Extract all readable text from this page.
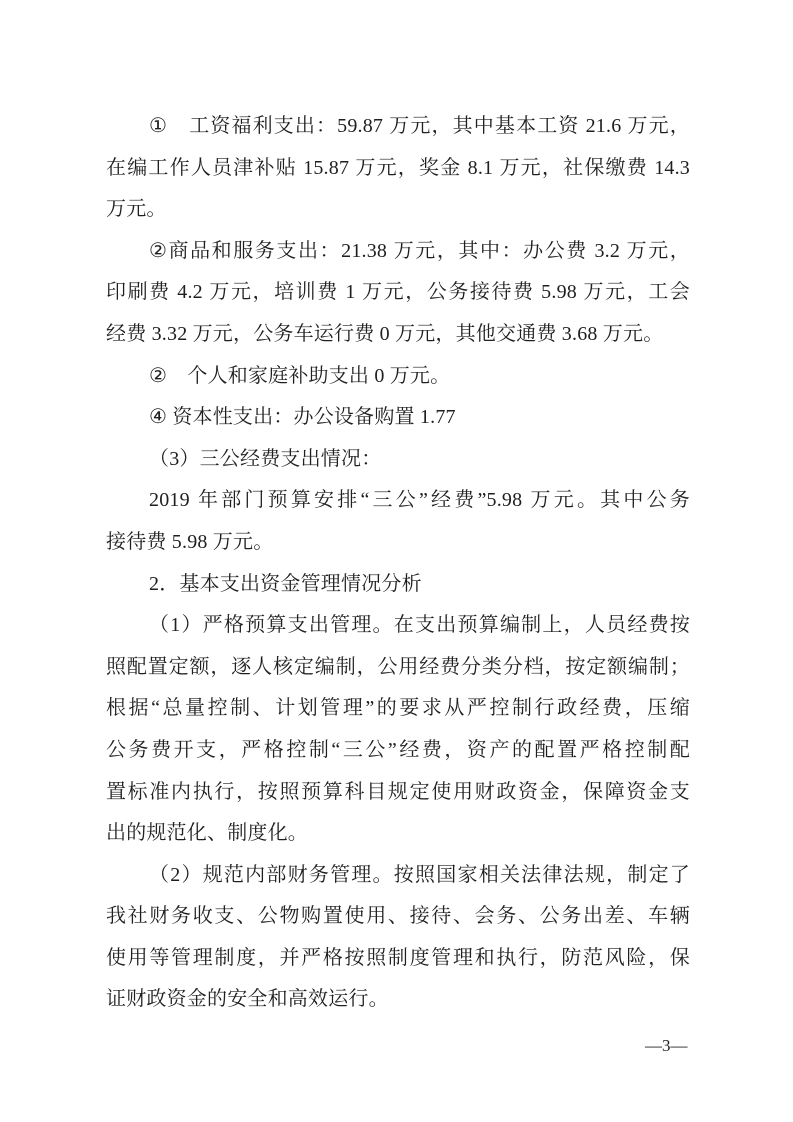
①　工资福利支出：59.87 万元，其中基本工资 21.6 万元，
在编工作人员津补贴 15.87 万元，奖金 8.1 万元，社保缴费 14.3
万元。
②商品和服务支出：21.38 万元，其中：办公费 3.2 万元，
印刷费 4.2 万元，培训费 1 万元，公务接待费 5.98 万元，工会
经费 3.32 万元，公务车运行费 0 万元，其他交通费 3.68 万元。
②　个人和家庭补助支出 0 万元。
④ 资本性支出：办公设备购置 1.77
（3）三公经费支出情况：
2019 年部门预算安排“三公”经费”5.98 万元。其中公务
接待费 5.98 万元。
2．基本支出资金管理情况分析
（1）严格预算支出管理。在支出预算编制上，人员经费按
照配置定额，逐人核定编制，公用经费分类分档，按定额编制；
根据“总量控制、计划管理”的要求从严控制行政经费，压缩
公务费开支，严格控制“三公”经费，资产的配置严格控制配
置标准内执行，按照预算科目规定使用财政资金，保障资金支
出的规范化、制度化。
（2）规范内部财务管理。按照国家相关法律法规，制定了
我社财务收支、公物购置使用、接待、会务、公务出差、车辆
使用等管理制度，并严格按照制度管理和执行，防范风险，保
证财政资金的安全和高效运行。
—3—
